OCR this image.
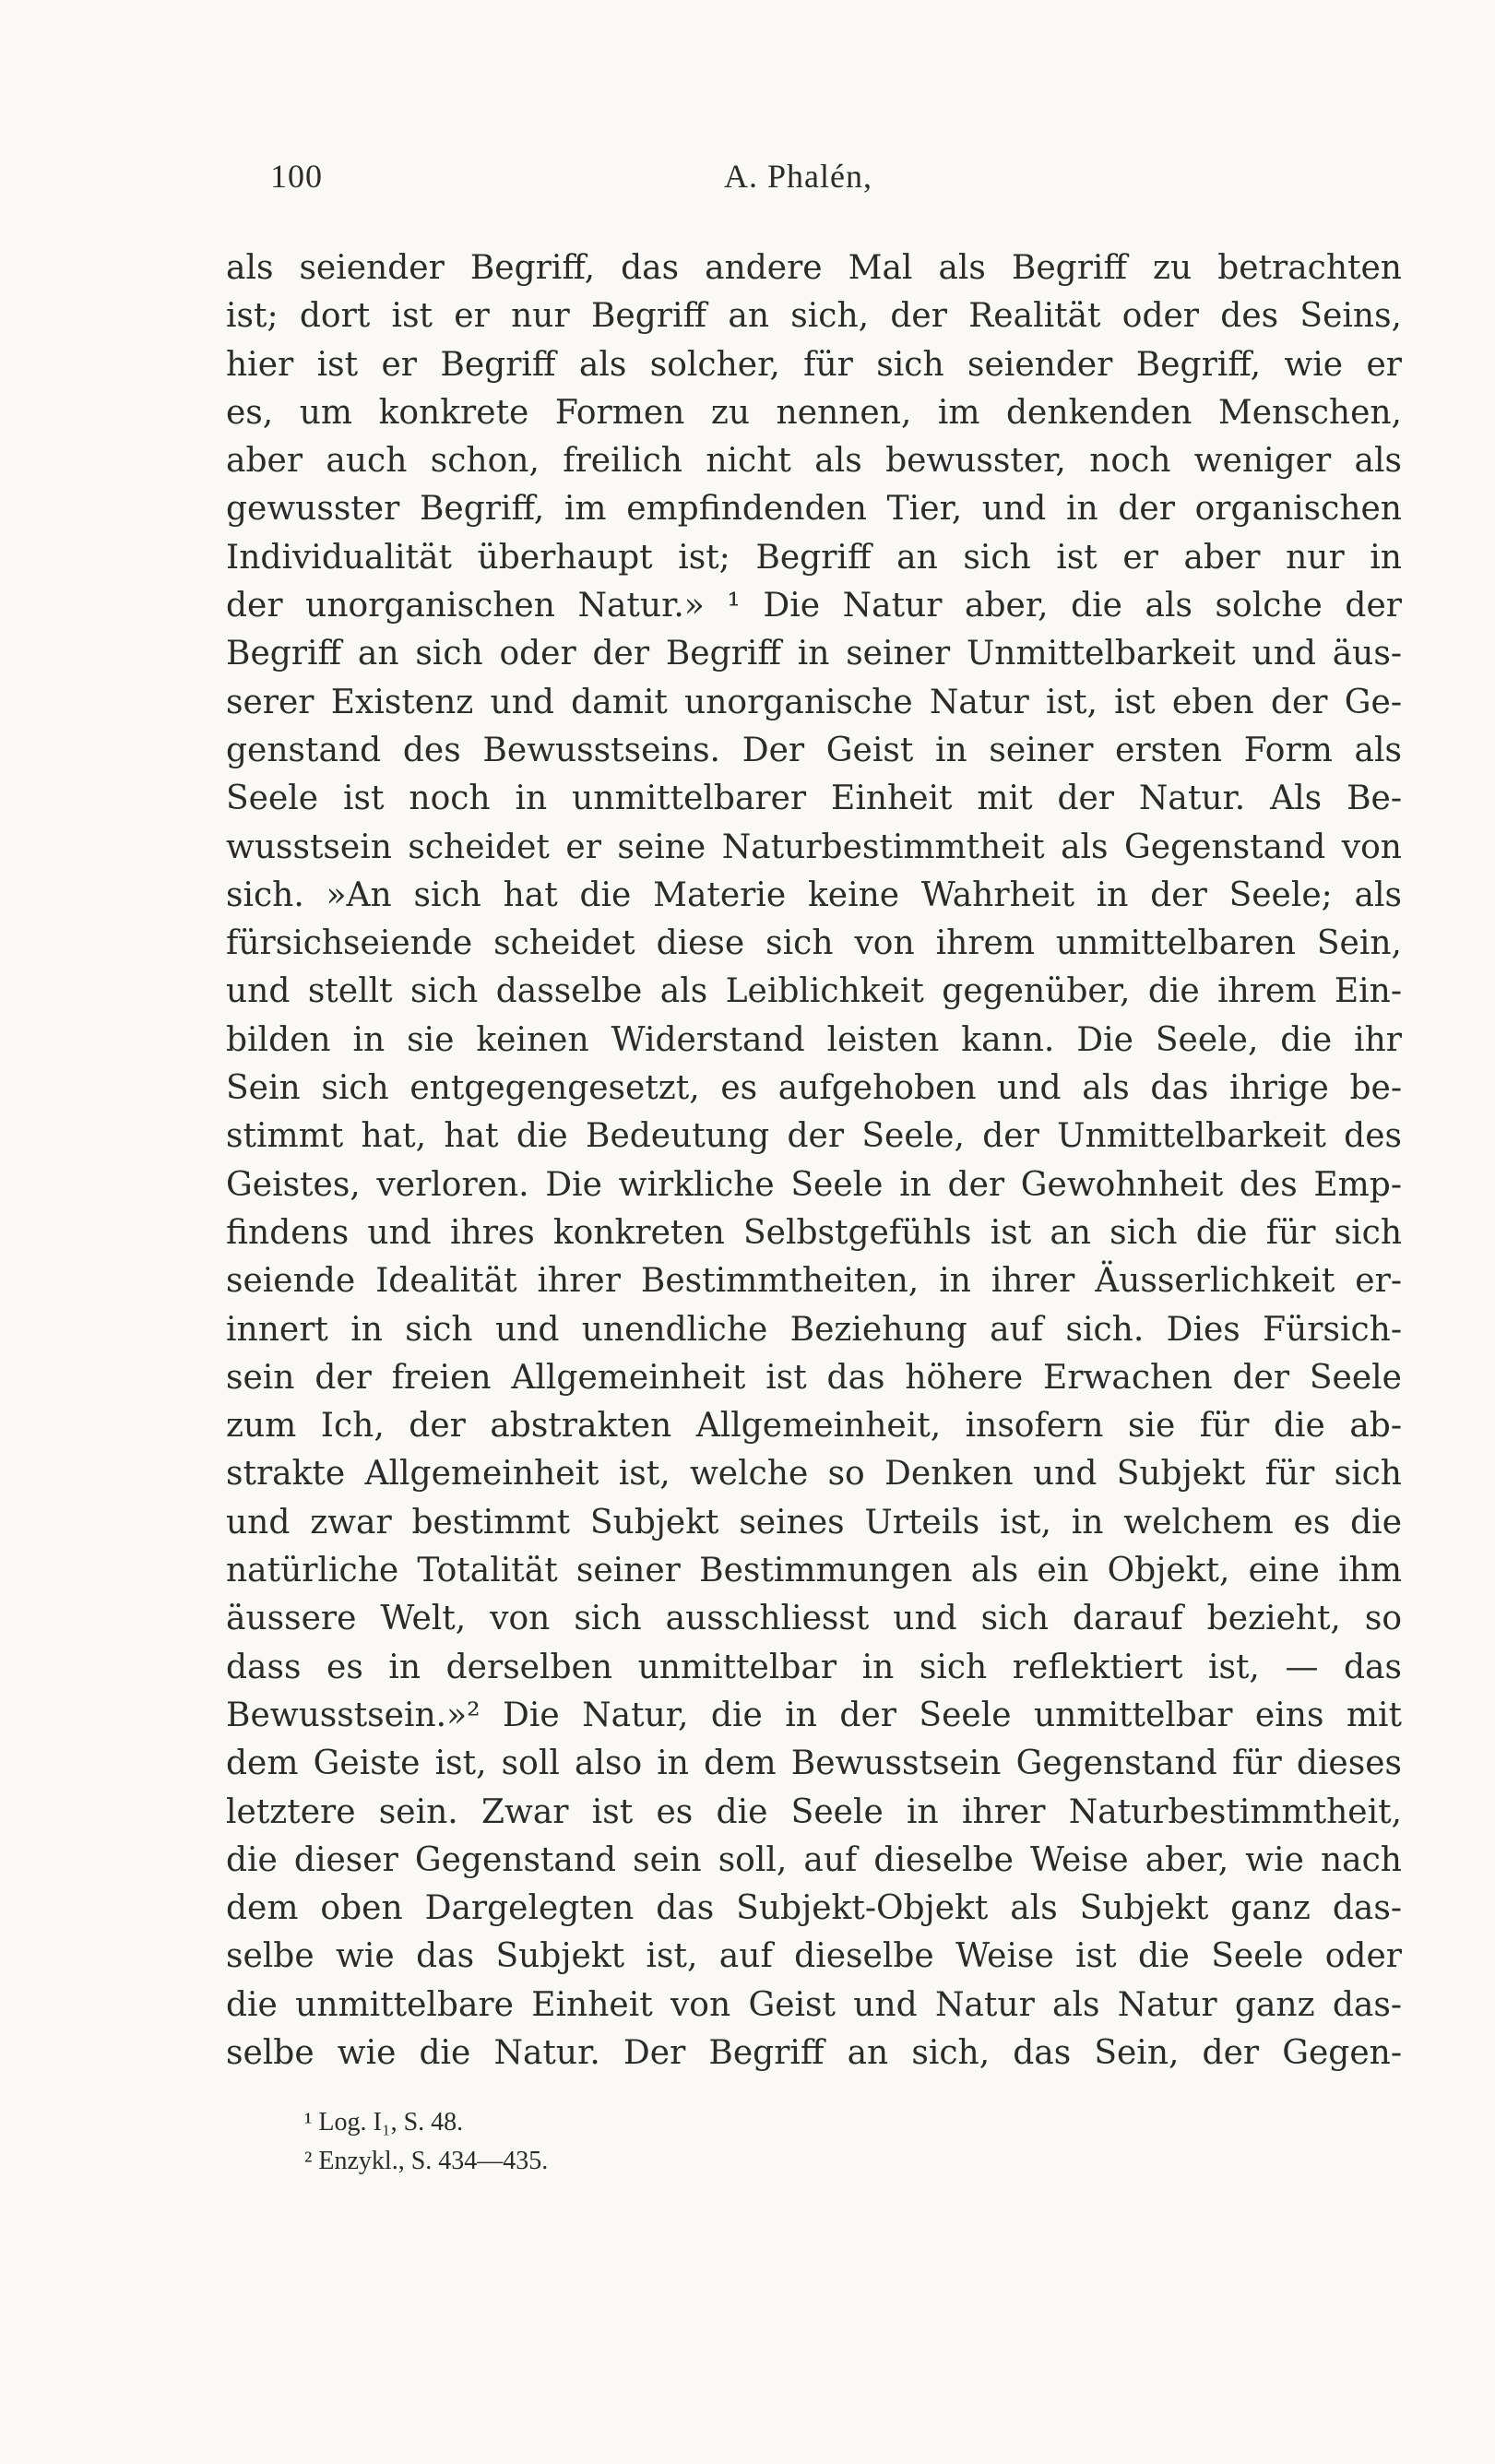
100	A. Phalén,
als seiender Begriff, das andere Mal als Begriff zu betrachten
ist; dort ist er nur Begriff an sich, der Realität oder des Seins,
hier ist er Begriff als solcher, für sich seiender Begriff, wie er
es, um konkrete Formen zu nennen, im denkenden Menschen,
aber auch schon, freilich nicht als bewusster, noch weniger als
gewusster Begriff, im empfindenden Tier, und in der organischen
Individualität überhaupt ist; Begriff an sich ist er aber nur in
der unorganischen Natur.» ¹ Die Natur aber, die als solche der
Begriff an sich oder der Begriff in seiner Unmittelbarkeit und äus-
serer Existenz und damit unorganische Natur ist, ist eben der Ge-
genstand des Bewusstseins. Der Geist in seiner ersten Form als
Seele ist noch in unmittelbarer Einheit mit der Natur. Als Be-
wusstsein scheidet er seine Naturbestimmtheit als Gegenstand von
sich. »An sich hat die Materie keine Wahrheit in der Seele; als
fürsichseiende scheidet diese sich von ihrem unmittelbaren Sein,
und stellt sich dasselbe als Leiblichkeit gegenüber, die ihrem Ein-
bilden in sie keinen Widerstand leisten kann. Die Seele, die ihr
Sein sich entgegengesetzt, es aufgehoben und als das ihrige be-
stimmt hat, hat die Bedeutung der Seele, der Unmittelbarkeit des
Geistes, verloren. Die wirkliche Seele in der Gewohnheit des Emp-
findens und ihres konkreten Selbstgefühls ist an sich die für sich
seiende Idealität ihrer Bestimmtheiten, in ihrer Äusserlichkeit er-
innert in sich und unendliche Beziehung auf sich. Dies Fürsich-
sein der freien Allgemeinheit ist das höhere Erwachen der Seele
zum Ich, der abstrakten Allgemeinheit, insofern sie für die ab-
strakte Allgemeinheit ist, welche so Denken und Subjekt für sich
und zwar bestimmt Subjekt seines Urteils ist, in welchem es die
natürliche Totalität seiner Bestimmungen als ein Objekt, eine ihm
äussere Welt, von sich ausschliesst und sich darauf bezieht, so
dass es in derselben unmittelbar in sich reflektiert ist, — das
Bewusstsein.»² Die Natur, die in der Seele unmittelbar eins mit
dem Geiste ist, soll also in dem Bewusstsein Gegenstand für dieses
letztere sein. Zwar ist es die Seele in ihrer Naturbestimmtheit,
die dieser Gegenstand sein soll, auf dieselbe Weise aber, wie nach
dem oben Dargelegten das Subjekt-Objekt als Subjekt ganz das-
selbe wie das Subjekt ist, auf dieselbe Weise ist die Seele oder
die unmittelbare Einheit von Geist und Natur als Natur ganz das-
selbe wie die Natur. Der Begriff an sich, das Sein, der Gegen-
¹ Log. I₁, S. 48.
² Enzykl., S. 434—435.
